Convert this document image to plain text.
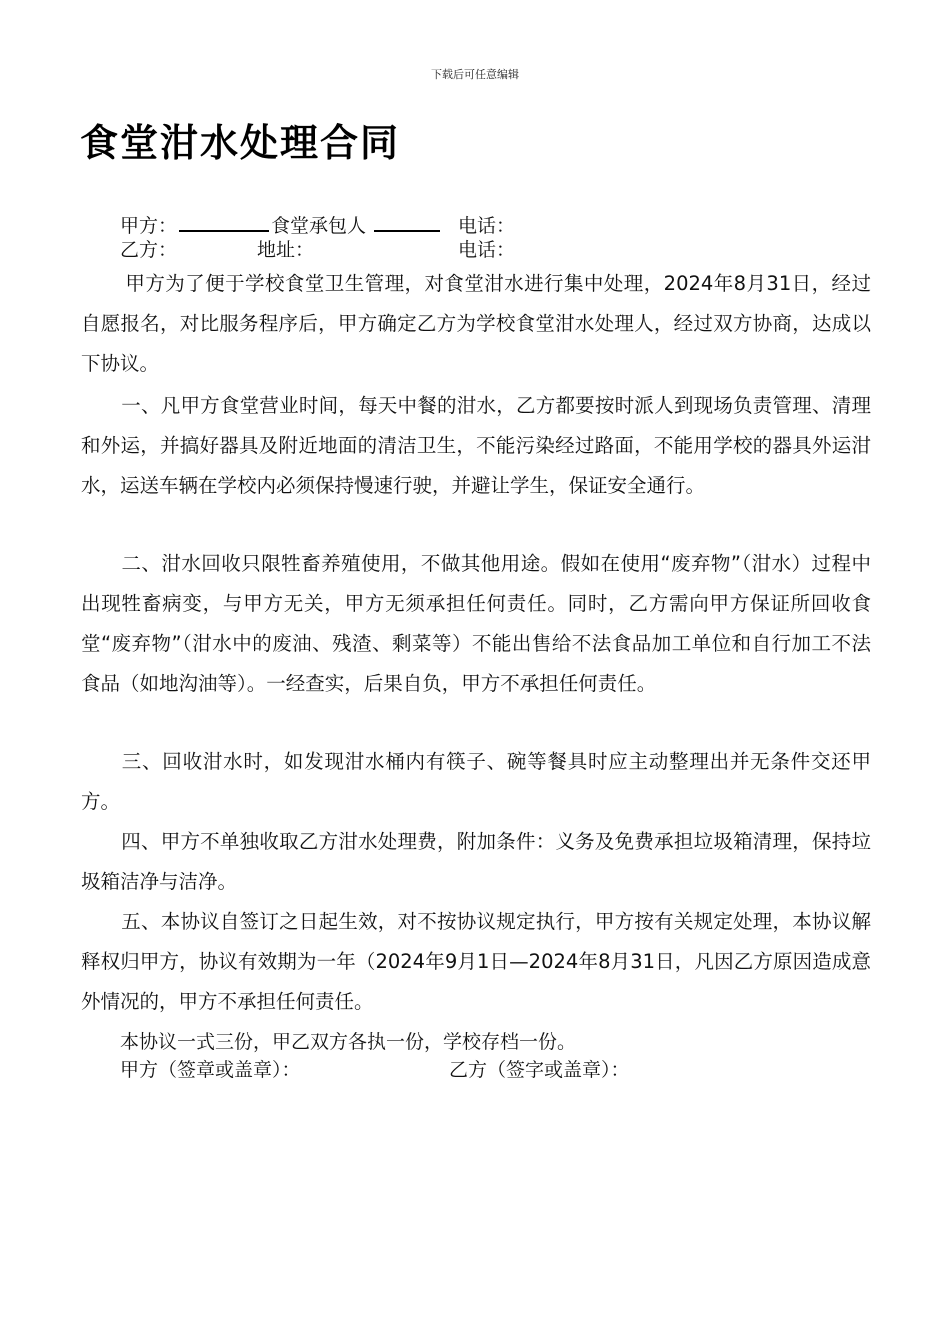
下载后可任意编辑
食堂泔水处理合同
甲方：	食堂承包人	电话：
乙方：	地址：	电话：
甲方为了便于学校食堂卫生管理，对食堂泔水进行集中处理，2024年8月31日，经过自愿报名，对比服务程序后，甲方确定乙方为学校食堂泔水处理人，经过双方协商，达成以下协议。
一、凡甲方食堂营业时间，每天中餐的泔水，乙方都要按时派人到现场负责管理、清理和外运，并搞好器具及附近地面的清洁卫生，不能污染经过路面，不能用学校的器具外运泔水，运送车辆在学校内必须保持慢速行驶，并避让学生，保证安全通行。
二、泔水回收只限牲畜养殖使用，不做其他用途。假如在使用“废弃物”（泔水）过程中出现牲畜病变，与甲方无关，甲方无须承担任何责任。同时，乙方需向甲方保证所回收食堂“废弃物”（泔水中的废油、残渣、剩菜等）不能出售给不法食品加工单位和自行加工不法食品（如地沟油等）。一经查实，后果自负，甲方不承担任何责任。
三、回收泔水时，如发现泔水桶内有筷子、碗等餐具时应主动整理出并无条件交还甲方。
四、甲方不单独收取乙方泔水处理费，附加条件：义务及免费承担垃圾箱清理，保持垃圾箱洁净与洁净。
五、本协议自签订之日起生效，对不按协议规定执行，甲方按有关规定处理，本协议解释权归甲方，协议有效期为一年（2024年9月1日—2024年8月31日，凡因乙方原因造成意外情况的，甲方不承担任何责任。
本协议一式三份，甲乙双方各执一份，学校存档一份。
甲方（签章或盖章）：	乙方（签字或盖章）：
